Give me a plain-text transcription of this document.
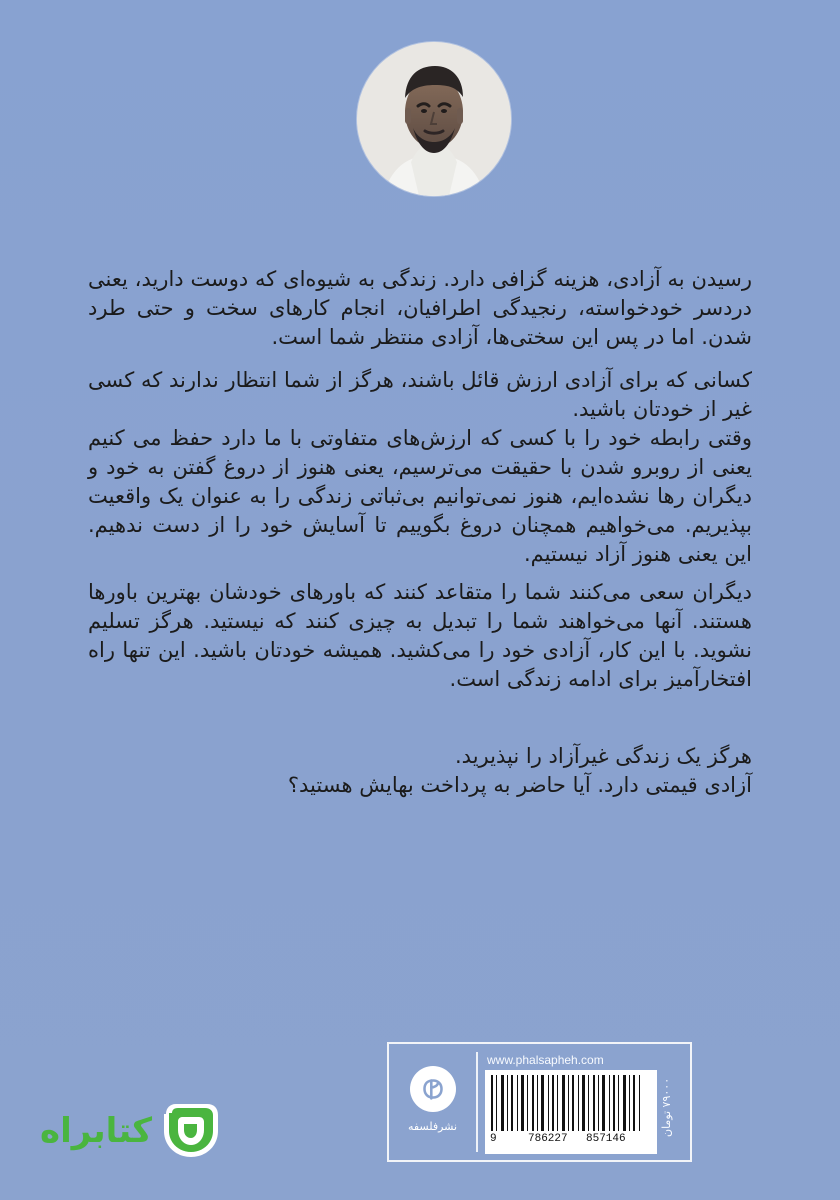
رسیدن به آزادی، هزینه گزافی دارد. زندگی به شیوه‌ای که دوست دارید، یعنی دردسر خودخواسته، رنجیدگی اطرافیان، انجام کارهای سخت و حتی طرد شدن. اما در پس این سختی‌ها، آزادی منتظر شما است.

کسانی که برای آزادی ارزش قائل باشند، هرگز از شما انتظار ندارند که کسی غیر از خودتان باشید.

وقتی رابطه خود را با کسی که ارزش‌های متفاوتی با ما دارد حفظ می کنیم یعنی از روبرو شدن با حقیقت می‌ترسیم، یعنی هنوز از دروغ گفتن به خود و دیگران رها نشده‌ایم، هنوز نمی‌توانیم بی‌ثباتی زندگی را به عنوان یک واقعیت بپذیریم. می‌خواهیم همچنان دروغ بگوییم تا آسایش خود را از دست ندهیم. این یعنی هنوز آزاد نیستیم.

دیگران سعی می‌کنند شما را متقاعد کنند که باورهای خودشان بهترین باورها هستند. آنها می‌خواهند شما را تبدیل به چیزی کنند که نیستید. هرگز تسلیم نشوید. با این کار، آزادی خود را می‌کشید. همیشه خودتان باشید. این تنها راه افتخارآمیز برای ادامه زندگی است.

هرگز یک زندگی غیرآزاد را نپذیرید.

آزادی قیمتی دارد. آیا حاضر به پرداخت بهایش هستید؟

نشرفلسفه
www.phalsapheh.com
9	786227 857146
۷۹۰۰۰ تومان
کتابراه
